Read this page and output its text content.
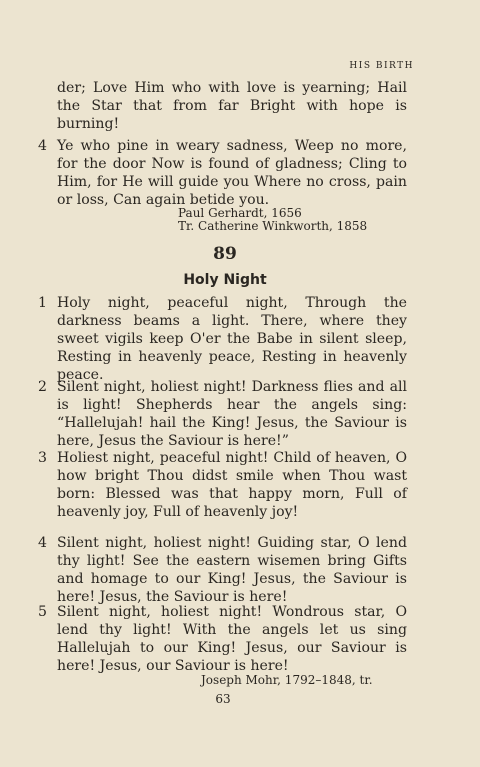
HIS BIRTH
der; Love Him who with love is yearning; Hail the Star that from far Bright with hope is burning!
4 Ye who pine in weary sadness, Weep no more, for the door Now is found of gladness; Cling to Him, for He will guide you Where no cross, pain or loss, Can again betide you.
Paul Gerhardt, 1656
Tr. Catherine Winkworth, 1858
89
Holy Night
1 Holy night, peaceful night, Through the darkness beams a light. There, where they sweet vigils keep O'er the Babe in silent sleep, Resting in heavenly peace, Resting in heavenly peace.
2 Silent night, holiest night! Darkness flies and all is light! Shepherds hear the angels sing: “Hallelujah! hail the King! Jesus, the Saviour is here, Jesus the Saviour is here!”
3 Holiest night, peaceful night! Child of heaven, O how bright Thou didst smile when Thou wast born: Blessed was that happy morn, Full of heavenly joy, Full of heavenly joy!
4 Silent night, holiest night! Guiding star, O lend thy light! See the eastern wisemen bring Gifts and homage to our King! Jesus, the Saviour is here! Jesus, the Saviour is here!
5 Silent night, holiest night! Wondrous star, O lend thy light! With the angels let us sing Hallelujah to our King! Jesus, our Saviour is here! Jesus, our Saviour is here!
Joseph Mohr, 1792–1848, tr.
63
